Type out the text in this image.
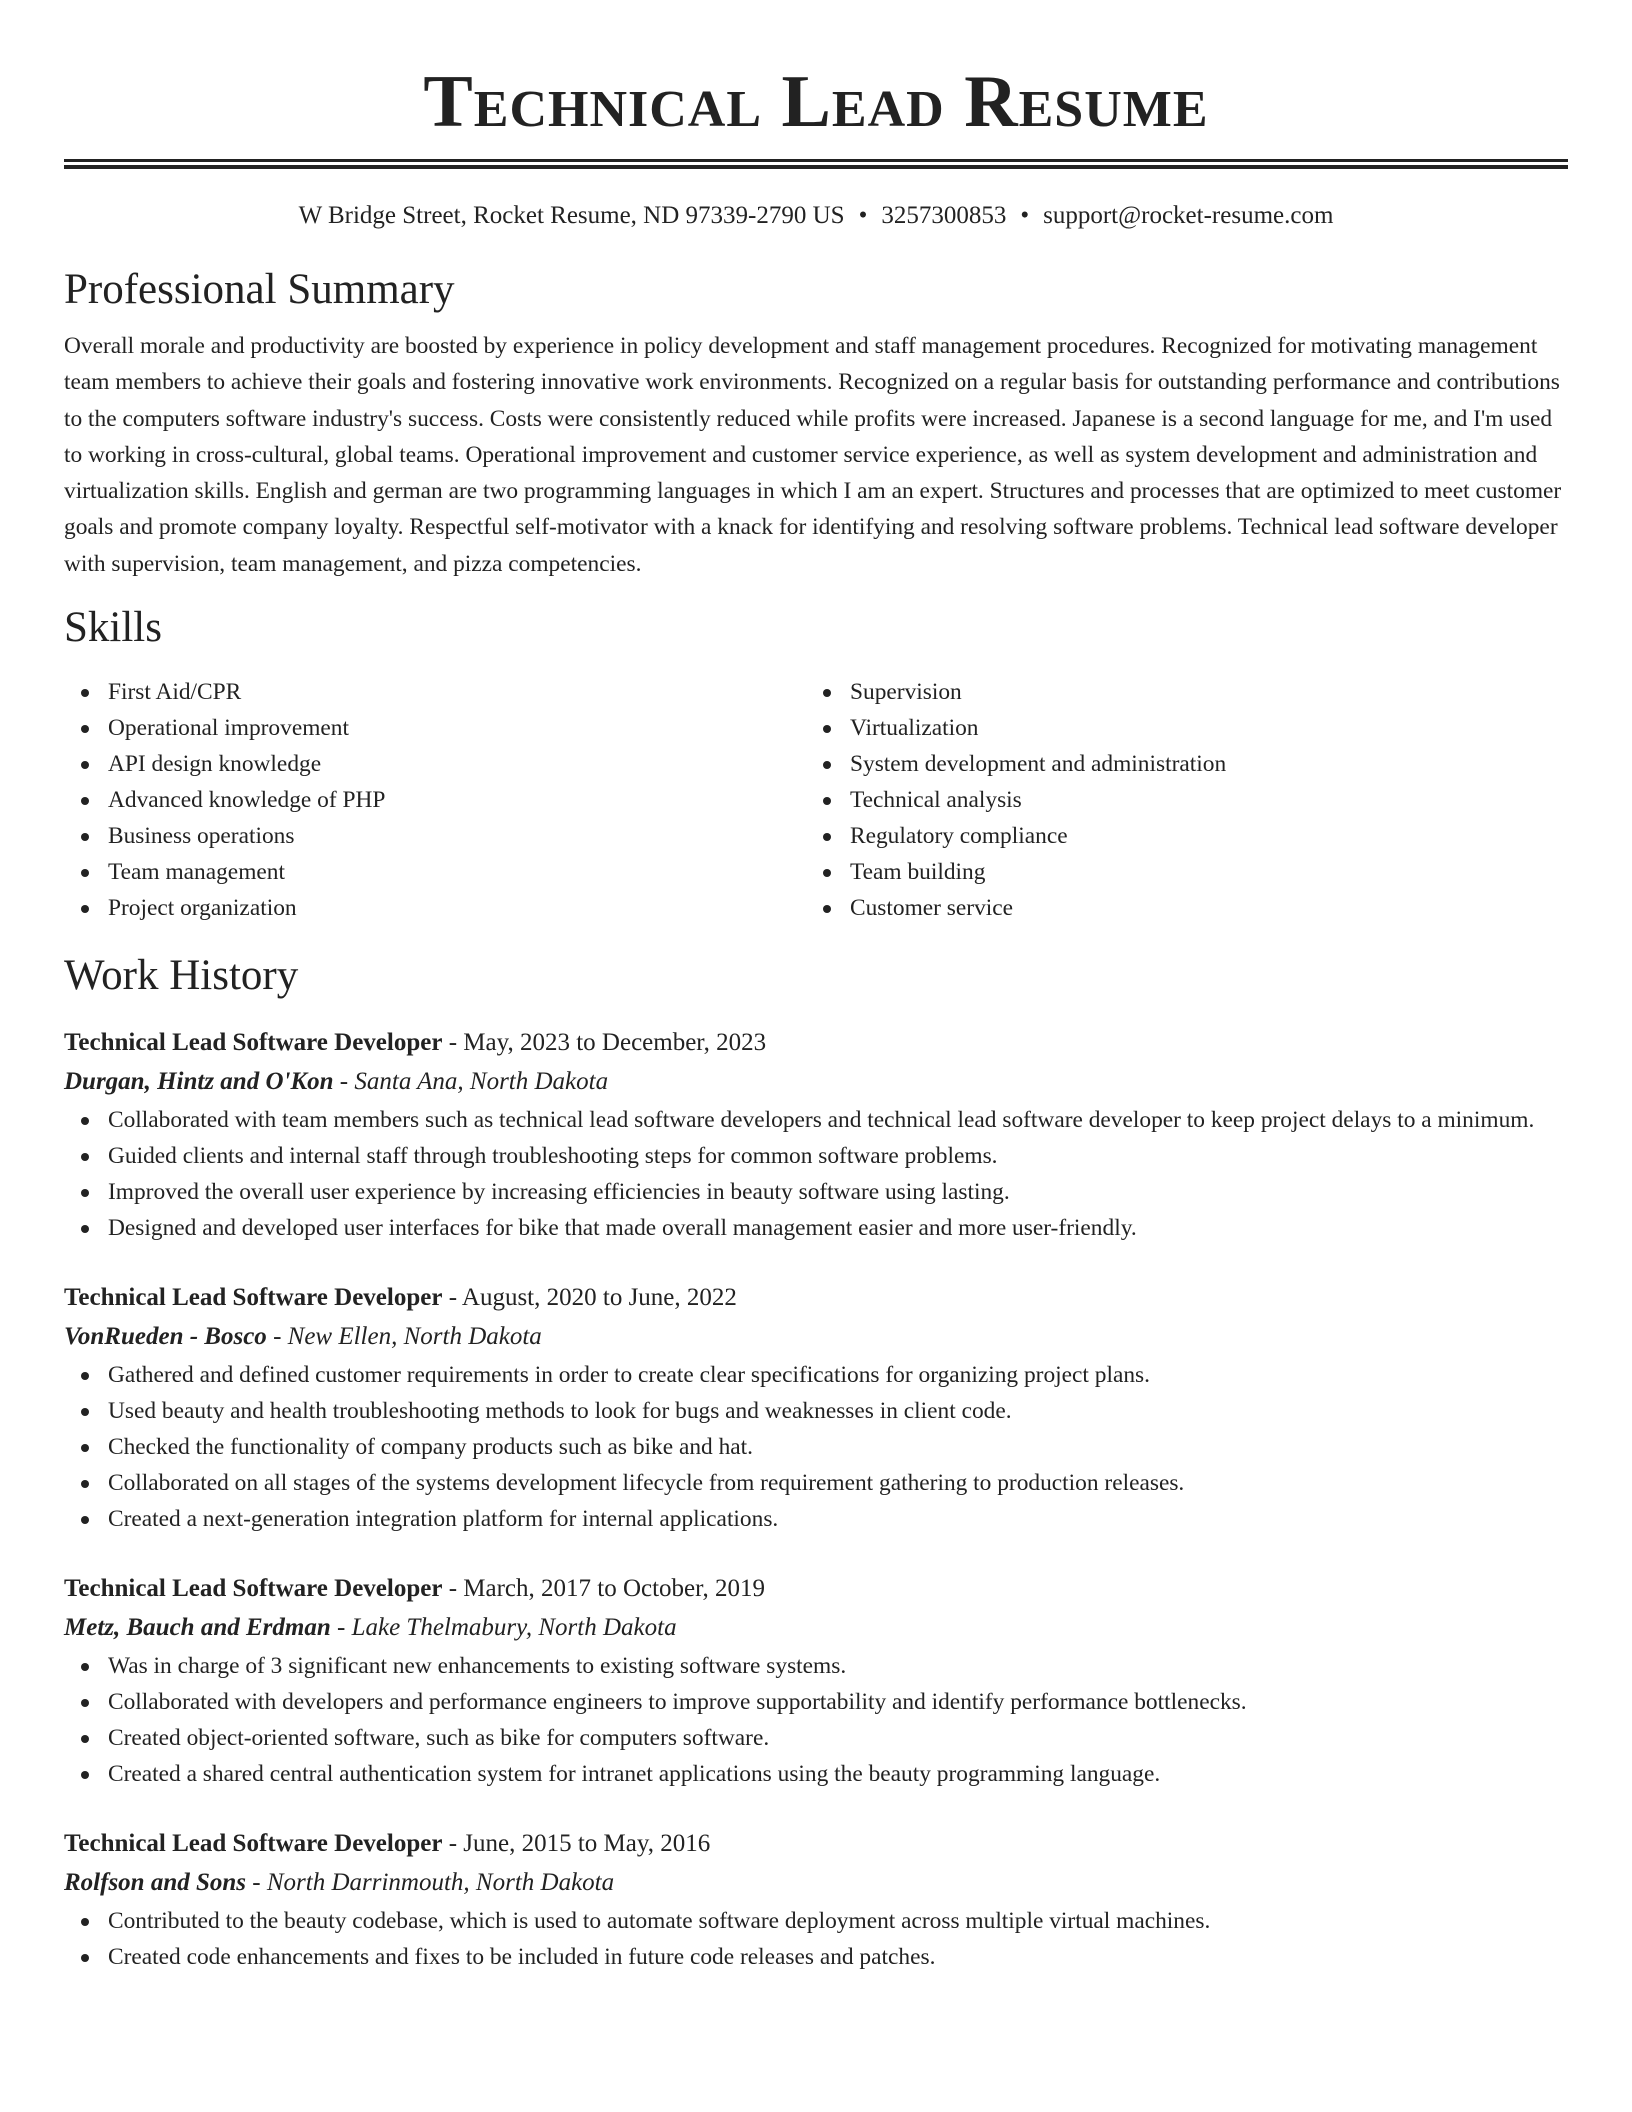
Technical Lead Resume
W Bridge Street, Rocket Resume, ND 97339-2790 US • 3257300853 • support@rocket-resume.com
Professional Summary

Overall morale and productivity are boosted by experience in policy development and staff management procedures. Recognized for motivating management team members to achieve their goals and fostering innovative work environments. Recognized on a regular basis for outstanding performance and contributions to the computers software industry's success. Costs were consistently reduced while profits were increased. Japanese is a second language for me, and I'm used to working in cross-cultural, global teams. Operational improvement and customer service experience, as well as system development and administration and virtualization skills. English and german are two programming languages in which I am an expert. Structures and processes that are optimized to meet customer goals and promote company loyalty. Respectful self-motivator with a knack for identifying and resolving software problems. Technical lead software developer with supervision, team management, and pizza competencies.

Skills
First Aid/CPR
Operational improvement
API design knowledge
Advanced knowledge of PHP
Business operations
Team management
Project organization
Supervision
Virtualization
System development and administration
Technical analysis
Regulatory compliance
Team building
Customer service
Work History
Technical Lead Software Developer - May, 2023 to December, 2023
Durgan, Hintz and O'Kon - Santa Ana, North Dakota
Collaborated with team members such as technical lead software developers and technical lead software developer to keep project delays to a minimum.
Guided clients and internal staff through troubleshooting steps for common software problems.
Improved the overall user experience by increasing efficiencies in beauty software using lasting.
Designed and developed user interfaces for bike that made overall management easier and more user-friendly.
Technical Lead Software Developer - August, 2020 to June, 2022
VonRueden - Bosco - New Ellen, North Dakota
Gathered and defined customer requirements in order to create clear specifications for organizing project plans.
Used beauty and health troubleshooting methods to look for bugs and weaknesses in client code.
Checked the functionality of company products such as bike and hat.
Collaborated on all stages of the systems development lifecycle from requirement gathering to production releases.
Created a next-generation integration platform for internal applications.
Technical Lead Software Developer - March, 2017 to October, 2019
Metz, Bauch and Erdman - Lake Thelmabury, North Dakota
Was in charge of 3 significant new enhancements to existing software systems.
Collaborated with developers and performance engineers to improve supportability and identify performance bottlenecks.
Created object-oriented software, such as bike for computers software.
Created a shared central authentication system for intranet applications using the beauty programming language.
Technical Lead Software Developer - June, 2015 to May, 2016
Rolfson and Sons - North Darrinmouth, North Dakota
Contributed to the beauty codebase, which is used to automate software deployment across multiple virtual machines.
Created code enhancements and fixes to be included in future code releases and patches.
